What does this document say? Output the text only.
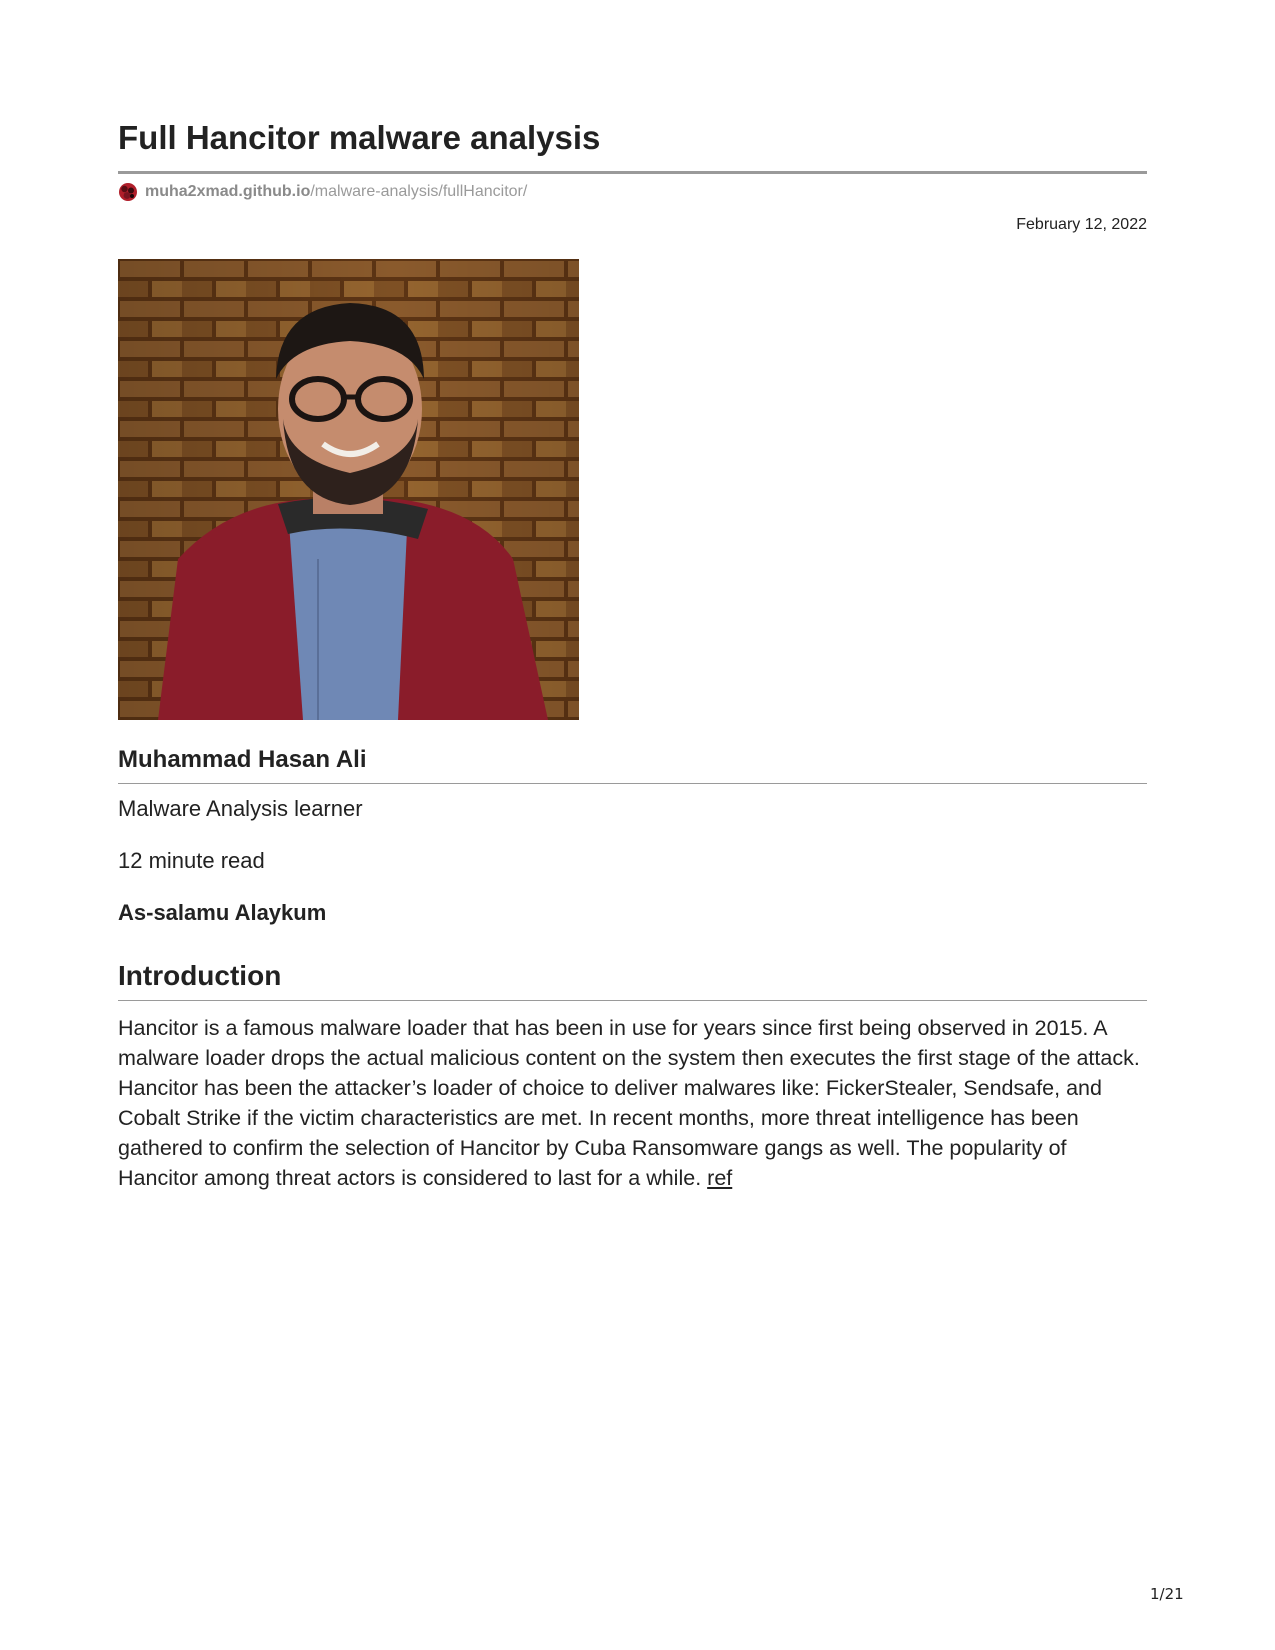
Full Hancitor malware analysis
muha2xmad.github.io /malware-analysis/fullHancitor/
February 12, 2022
Muhammad Hasan Ali
Malware Analysis learner
12 minute read
As-salamu Alaykum
Introduction

Hancitor is a famous malware loader that has been in use for years since first being observed in 2015. A malware loader drops the actual malicious content on the system then executes the first stage of the attack. Hancitor has been the attacker’s loader of choice to deliver malwares like: FickerStealer, Sendsafe, and Cobalt Strike if the victim characteristics are met. In recent months, more threat intelligence has been gathered to confirm the selection of Hancitor by Cuba Ransomware gangs as well. The popularity of Hancitor among threat actors is considered to last for a while. ref

1/21
